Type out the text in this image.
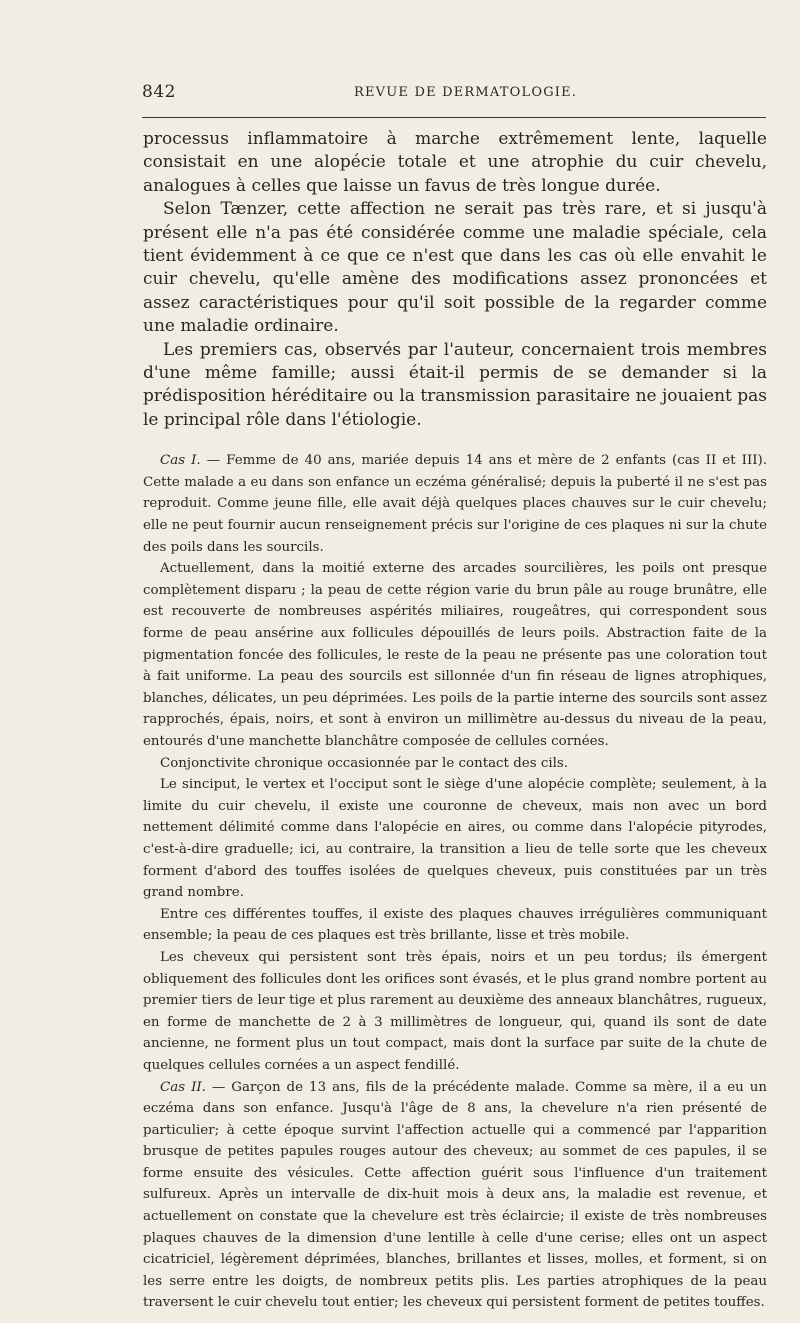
842	REVUE DE DERMATOLOGIE.

processus inflammatoire à marche extrêmement lente, laquelle consistait en une alopécie totale et une atrophie du cuir chevelu, analogues à celles que laisse un favus de très longue durée.

Selon Tænzer, cette affection ne serait pas très rare, et si jusqu'à présent elle n'a pas été considérée comme une maladie spéciale, cela tient évidemment à ce que ce n'est que dans les cas où elle envahit le cuir chevelu, qu'elle amène des modifications assez prononcées et assez caractéristiques pour qu'il soit possible de la regarder comme une maladie ordinaire.

Les premiers cas, observés par l'auteur, concernaient trois membres d'une même famille; aussi était-il permis de se demander si la prédisposition héréditaire ou la transmission parasitaire ne jouaient pas le principal rôle dans l'étiologie.

Cas I. — Femme de 40 ans, mariée depuis 14 ans et mère de 2 enfants (cas II et III). Cette malade a eu dans son enfance un eczéma généralisé; depuis la puberté il ne s'est pas reproduit. Comme jeune fille, elle avait déjà quelques places chauves sur le cuir chevelu; elle ne peut fournir aucun renseignement précis sur l'origine de ces plaques ni sur la chute des poils dans les sourcils.

Actuellement, dans la moitié externe des arcades sourcilières, les poils ont presque complètement disparu ; la peau de cette région varie du brun pâle au rouge brunâtre, elle est recouverte de nombreuses aspérités miliaires, rougeâtres, qui correspondent sous forme de peau ansérine aux follicules dépouillés de leurs poils. Abstraction faite de la pigmentation foncée des follicules, le reste de la peau ne présente pas une coloration tout à fait uniforme. La peau des sourcils est sillonnée d'un fin réseau de lignes atrophiques, blanches, délicates, un peu déprimées. Les poils de la partie interne des sourcils sont assez rapprochés, épais, noirs, et sont à environ un millimètre au-dessus du niveau de la peau, entourés d'une manchette blanchâtre composée de cellules cornées.

Conjonctivite chronique occasionnée par le contact des cils.

Le sinciput, le vertex et l'occiput sont le siège d'une alopécie complète; seulement, à la limite du cuir chevelu, il existe une couronne de cheveux, mais non avec un bord nettement délimité comme dans l'alopécie en aires, ou comme dans l'alopécie pityrodes, c'est-à-dire graduelle; ici, au contraire, la transition a lieu de telle sorte que les cheveux forment d'abord des touffes isolées de quelques cheveux, puis constituées par un très grand nombre.

Entre ces différentes touffes, il existe des plaques chauves irrégulières communiquant ensemble; la peau de ces plaques est très brillante, lisse et très mobile.

Les cheveux qui persistent sont très épais, noirs et un peu tordus; ils émergent obliquement des follicules dont les orifices sont évasés, et le plus grand nombre portent au premier tiers de leur tige et plus rarement au deuxième des anneaux blanchâtres, rugueux, en forme de manchette de 2 à 3 millimètres de longueur, qui, quand ils sont de date ancienne, ne forment plus un tout compact, mais dont la surface par suite de la chute de quelques cellules cornées a un aspect fendillé.

Cas II. — Garçon de 13 ans, fils de la précédente malade. Comme sa mère, il a eu un eczéma dans son enfance. Jusqu'à l'âge de 8 ans, la chevelure n'a rien présenté de particulier; à cette époque survint l'affection actuelle qui a commencé par l'apparition brusque de petites papules rouges autour des cheveux; au sommet de ces papules, il se forme ensuite des vésicules. Cette affection guérit sous l'influence d'un traitement sulfureux. Après un intervalle de dix-huit mois à deux ans, la maladie est revenue, et actuellement on constate que la chevelure est très éclaircie; il existe de très nombreuses plaques chauves de la dimension d'une lentille à celle d'une cerise; elles ont un aspect cicatriciel, légèrement déprimées, blanches, brillantes et lisses, molles, et forment, si on les serre entre les doigts, de nombreux petits plis. Les parties atrophiques de la peau traversent le cuir chevelu tout entier; les cheveux qui persistent forment de petites touffes.
